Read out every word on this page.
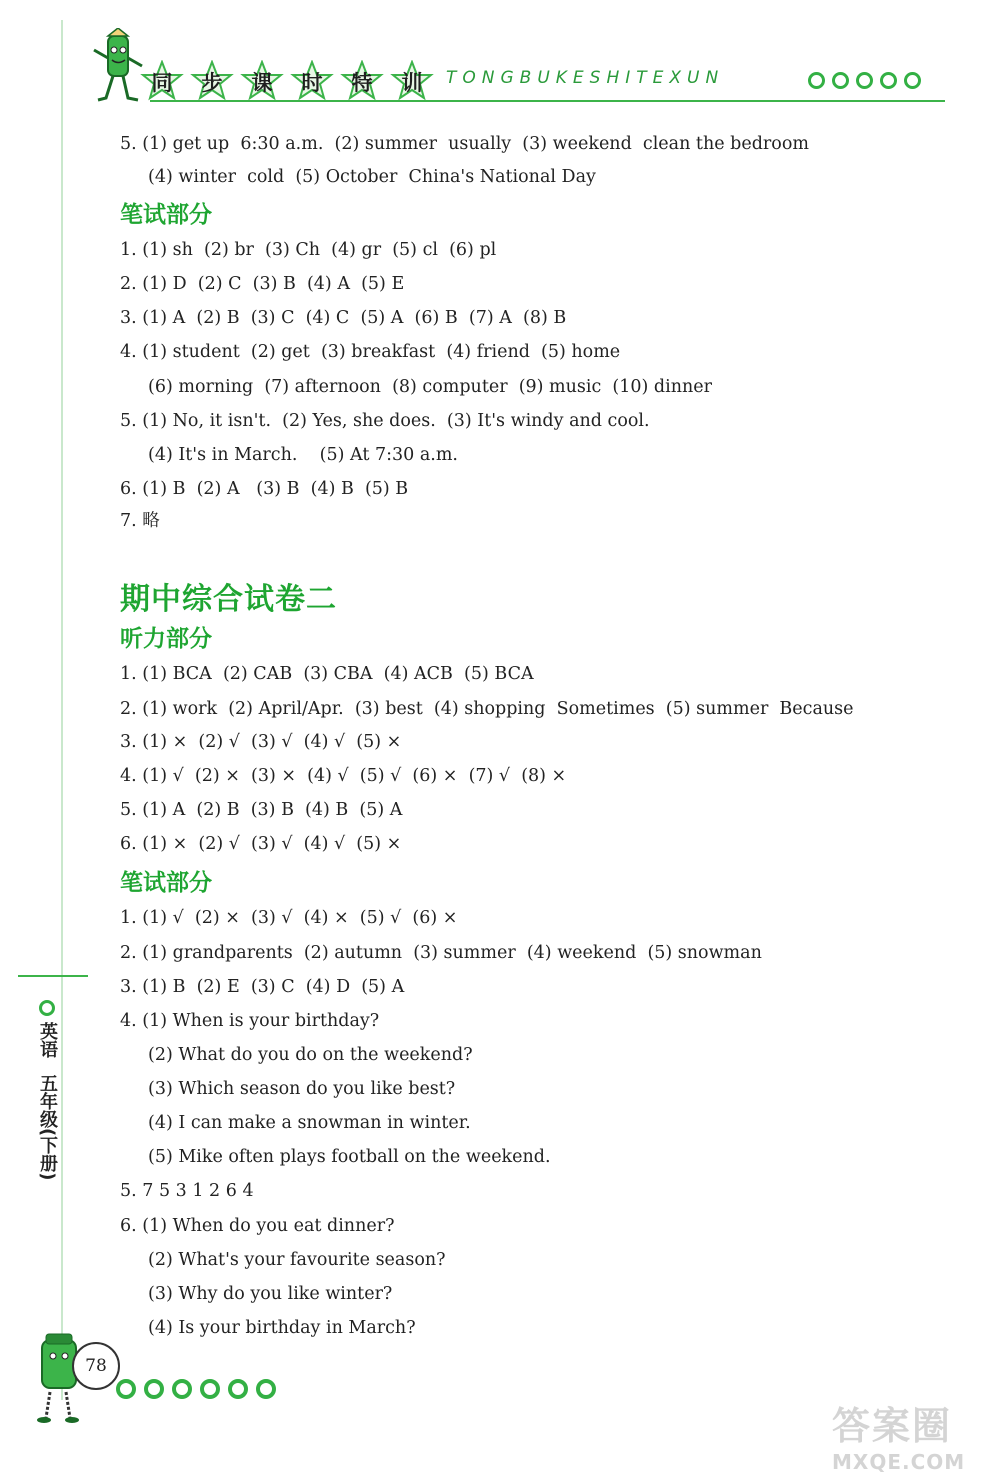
同 步 课 时 特 训 TONGBUKESHITEXUN
笔试部分
期中综合试卷二
听力部分
笔试部分
5. (1) get up  6:30 a.m.  (2) summer  usually  (3) weekend  clean the bedroom
(4) winter  cold  (5) October  China's National Day
1. (1) sh  (2) br  (3) Ch  (4) gr  (5) cl  (6) pl
2. (1) D  (2) C  (3) B  (4) A  (5) E
3. (1) A  (2) B  (3) C  (4) C  (5) A  (6) B  (7) A  (8) B
4. (1) student  (2) get  (3) breakfast  (4) friend  (5) home
(6) morning  (7) afternoon  (8) computer  (9) music  (10) dinner
5. (1) No, it isn't.  (2) Yes, she does.  (3) It's windy and cool.
(4) It's in March.    (5) At 7:30 a.m.
6. (1) B  (2) A   (3) B  (4) B  (5) B
7. 略
1. (1) BCA  (2) CAB  (3) CBA  (4) ACB  (5) BCA
2. (1) work  (2) April/Apr.  (3) best  (4) shopping  Sometimes  (5) summer  Because
3. (1) ×  (2) √  (3) √  (4) √  (5) ×
4. (1) √  (2) ×  (3) ×  (4) √  (5) √  (6) ×  (7) √  (8) ×
5. (1) A  (2) B  (3) B  (4) B  (5) A
6. (1) ×  (2) √  (3) √  (4) √  (5) ×
1. (1) √  (2) ×  (3) √  (4) ×  (5) √  (6) ×
2. (1) grandparents  (2) autumn  (3) summer  (4) weekend  (5) snowman
3. (1) B  (2) E  (3) C  (4) D  (5) A
4. (1) When is your birthday?
(2) What do you do on the weekend?
(3) Which season do you like best?
(4) I can make a snowman in winter.
(5) Mike often plays football on the weekend.
5. 7 5 3 1 2 6 4
6. (1) When do you eat dinner?
(2) What's your favourite season?
(3) Why do you like winter?
(4) Is your birthday in March?
英语
五年级(下册)
78
答案圈
MXQE.COM
